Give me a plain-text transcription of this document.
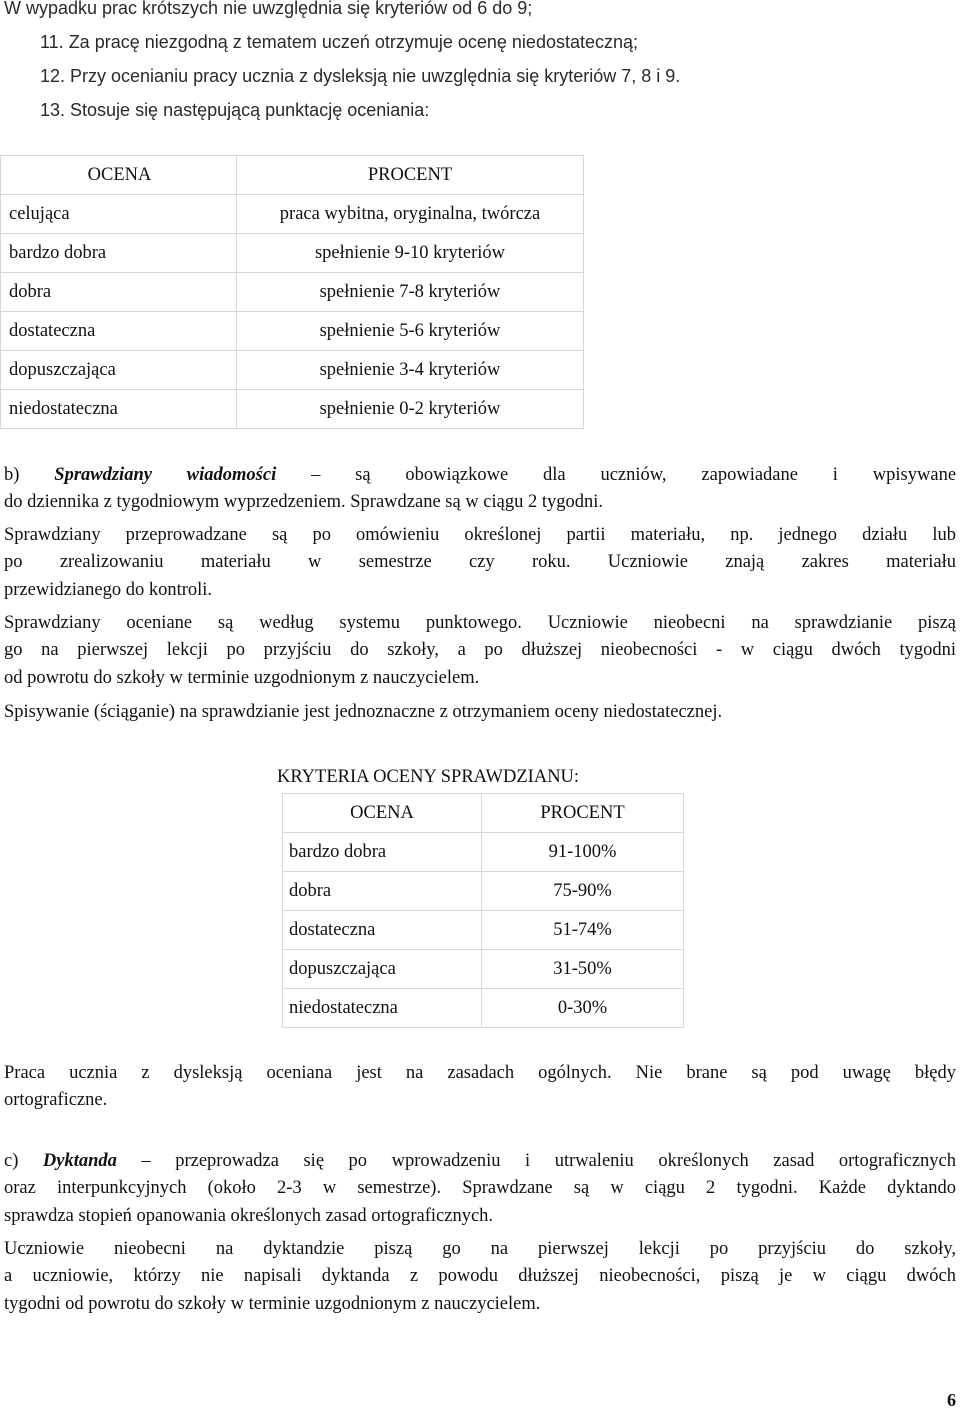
W wypadku prac krótszych nie uwzględnia się kryteriów od 6 do 9;
11. Za pracę niezgodną z tematem uczeń otrzymuje ocenę niedostateczną;
12. Przy ocenianiu pracy ucznia z dysleksją nie uwzględnia się kryteriów 7, 8 i 9.
13. Stosuje się następującą punktację oceniania:
OCENA	PROCENT
celująca	praca wybitna, oryginalna, twórcza
bardzo dobra	spełnienie 9-10 kryteriów
dobra	spełnienie 7-8 kryteriów
dostateczna	spełnienie 5-6 kryteriów
dopuszczająca	spełnienie 3-4 kryteriów
niedostateczna	spełnienie 0-2 kryteriów
b) Sprawdziany wiadomości – są obowiązkowe dla uczniów, zapowiadane i wpisywane
do dziennika z tygodniowym wyprzedzeniem. Sprawdzane są w ciągu 2 tygodni.
Sprawdziany przeprowadzane są po omówieniu określonej partii materiału, np. jednego działu lub
po zrealizowaniu materiału w semestrze czy roku. Uczniowie znają zakres materiału
przewidzianego do kontroli.
Sprawdziany oceniane są według systemu punktowego. Uczniowie nieobecni na sprawdzianie piszą
go na pierwszej lekcji po przyjściu do szkoły, a po dłuższej nieobecności - w ciągu dwóch tygodni
od powrotu do szkoły w terminie uzgodnionym z nauczycielem.
Spisywanie (ściąganie) na sprawdzianie jest jednoznaczne z otrzymaniem oceny niedostatecznej.
KRYTERIA OCENY SPRAWDZIANU:
OCENA	PROCENT
bardzo dobra	91-100%
dobra	75-90%
dostateczna	51-74%
dopuszczająca	31-50%
niedostateczna	0-30%
Praca ucznia z dysleksją oceniana jest na zasadach ogólnych. Nie brane są pod uwagę błędy
ortograficzne.
c) Dyktanda – przeprowadza się po wprowadzeniu i utrwaleniu określonych zasad ortograficznych
oraz interpunkcyjnych (około 2-3 w semestrze). Sprawdzane są w ciągu 2 tygodni. Każde dyktando
sprawdza stopień opanowania określonych zasad ortograficznych.
Uczniowie nieobecni na dyktandzie piszą go na pierwszej lekcji po przyjściu do szkoły,
a uczniowie, którzy nie napisali dyktanda z powodu dłuższej nieobecności, piszą je w ciągu dwóch
tygodni od powrotu do szkoły w terminie uzgodnionym z nauczycielem.
6
